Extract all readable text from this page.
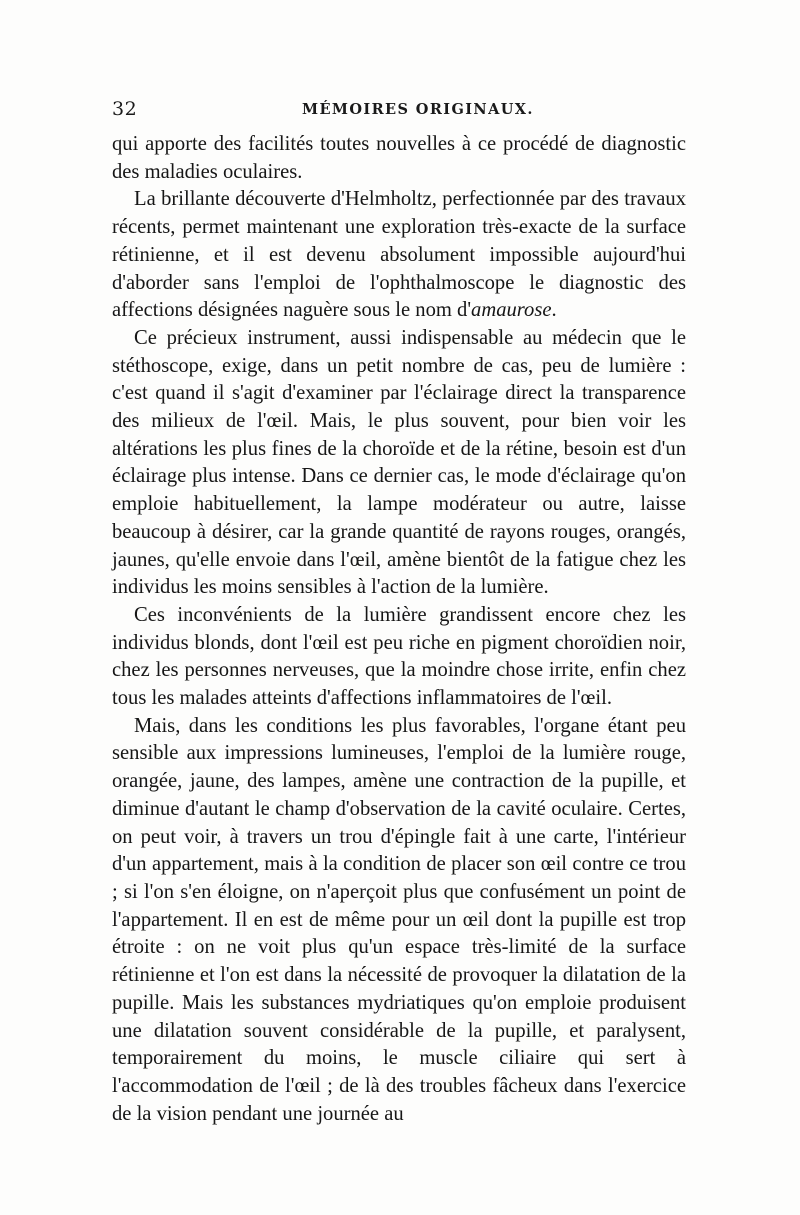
32	MÉMOIRES ORIGINAUX.

qui apporte des facilités toutes nouvelles à ce procédé de diagnostic des maladies oculaires.

La brillante découverte d'Helmholtz, perfectionnée par des travaux récents, permet maintenant une exploration très-exacte de la surface rétinienne, et il est devenu absolument impossible aujourd'hui d'aborder sans l'emploi de l'ophthalmoscope le diagnostic des affections désignées naguère sous le nom d'amaurose.

Ce précieux instrument, aussi indispensable au médecin que le stéthoscope, exige, dans un petit nombre de cas, peu de lumière : c'est quand il s'agit d'examiner par l'éclairage direct la transparence des milieux de l'œil. Mais, le plus souvent, pour bien voir les altérations les plus fines de la choroïde et de la rétine, besoin est d'un éclairage plus intense. Dans ce dernier cas, le mode d'éclairage qu'on emploie habituellement, la lampe modérateur ou autre, laisse beaucoup à désirer, car la grande quantité de rayons rouges, orangés, jaunes, qu'elle envoie dans l'œil, amène bientôt de la fatigue chez les individus les moins sensibles à l'action de la lumière.

Ces inconvénients de la lumière grandissent encore chez les individus blonds, dont l'œil est peu riche en pigment choroïdien noir, chez les personnes nerveuses, que la moindre chose irrite, enfin chez tous les malades atteints d'affections inflammatoires de l'œil.

Mais, dans les conditions les plus favorables, l'organe étant peu sensible aux impressions lumineuses, l'emploi de la lumière rouge, orangée, jaune, des lampes, amène une contraction de la pupille, et diminue d'autant le champ d'observation de la cavité oculaire. Certes, on peut voir, à travers un trou d'épingle fait à une carte, l'intérieur d'un appartement, mais à la condition de placer son œil contre ce trou ; si l'on s'en éloigne, on n'aperçoit plus que confusément un point de l'appartement. Il en est de même pour un œil dont la pupille est trop étroite : on ne voit plus qu'un espace très-limité de la surface rétinienne et l'on est dans la nécessité de provoquer la dilatation de la pupille. Mais les substances mydriatiques qu'on emploie produisent une dilatation souvent considérable de la pupille, et paralysent, temporairement du moins, le muscle ciliaire qui sert à l'accommodation de l'œil ; de là des troubles fâcheux dans l'exercice de la vision pendant une journée au
